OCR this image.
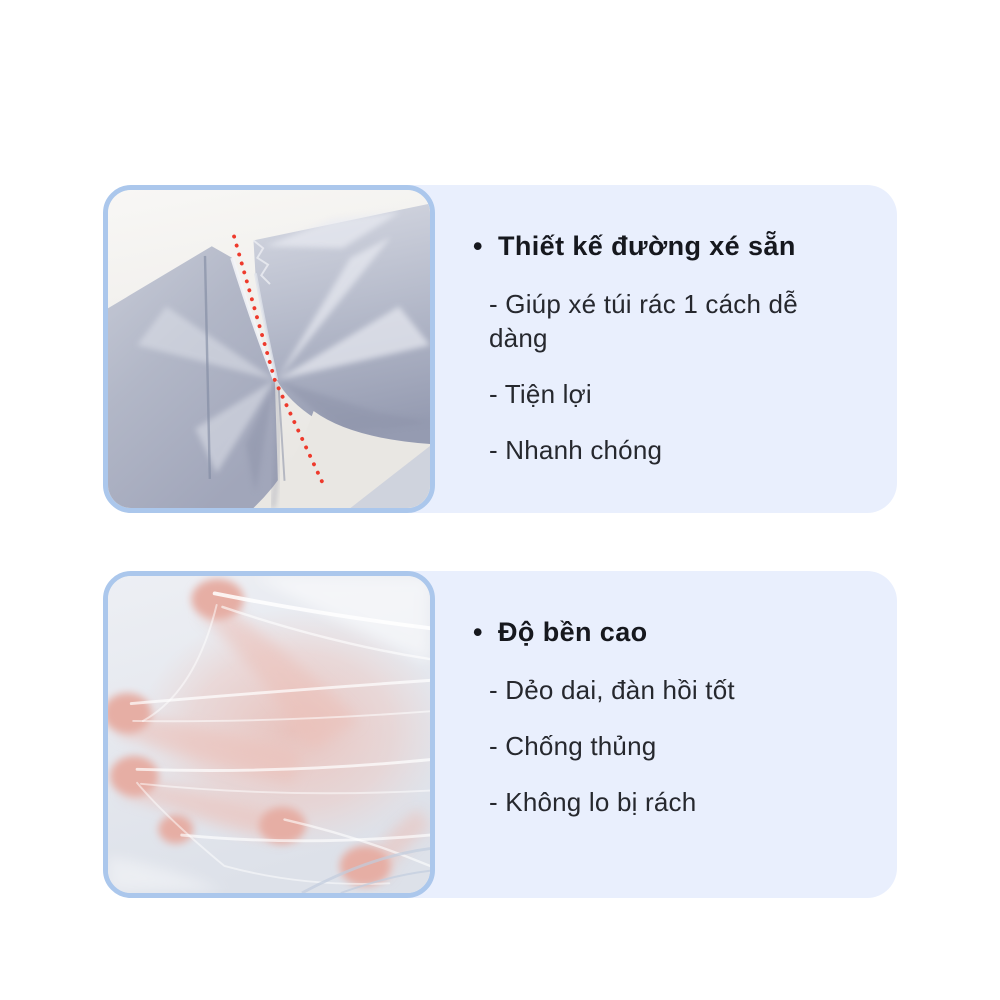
• Thiết kế đường xé sẵn

- Giúp xé túi rác 1 cách dễ dàng

- Tiện lợi

- Nhanh chóng

• Độ bền cao

- Dẻo dai, đàn hồi tốt

- Chống thủng

- Không lo bị rách
